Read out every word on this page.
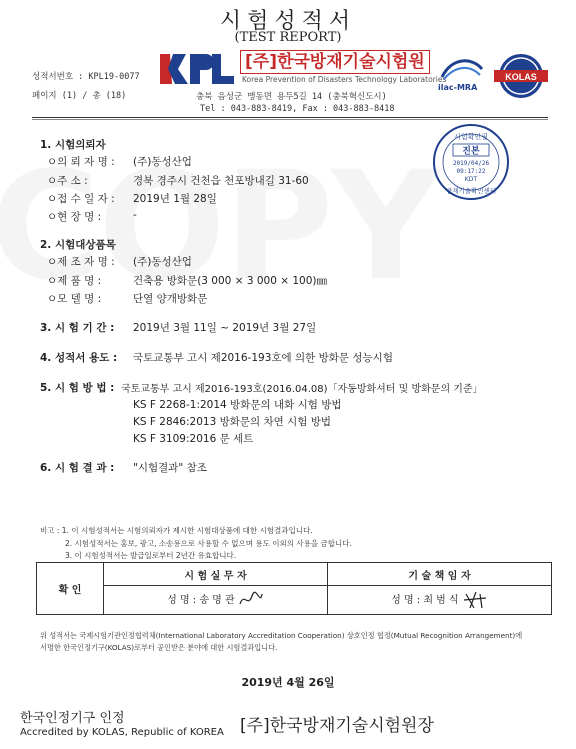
시험성적서
(TEST REPORT)
성적서번호 : KPL19-0077
페이지 (1) / 총 (18)
[주]한국방재기술시험원
Korea Prevention of Disasters Technology Laboratories
충북 음성군 맹동면 용두5길 14 (충북혁신도시)
Tel : 043-883-8419, Fax : 043-883-8418
ilac-MRA
KOLAS
시험확인필
진본
2019/04/26
09:17:22
KDT
방재기술확인센터
1. 시험의뢰자
ㅇ의 뢰 자 명 : (주)동성산업
ㅇ주 소 :	경북 경주시 건천읍 천포방내길 31-60
ㅇ접 수 일 자 : 2019년 1월 28일
ㅇ현 장 명 :	-
2. 시험대상품목
ㅇ제 조 자 명 : (주)동성산업
ㅇ제 품 명 :	건축용 방화문(3 000 × 3 000 × 100)㎜
ㅇ모 델 명 :	단열 양개방화문
3. 시 험 기 간 : 2019년 3월 11일 ~ 2019년 3월 27일
4. 성적서 용도 : 국토교통부 고시 제2016-193호에 의한 방화문 성능시험
5. 시 험 방 법 : 국토교통부 고시 제2016-193호(2016.04.08)「자동방화셔터 및 방화문의 기준」
KS F 2268-1:2014 방화문의 내화 시험 방법
KS F 2846:2013 방화문의 차연 시험 방법
KS F 3109:2016 문 세트
6. 시 험 결 과 : "시험결과" 참조
비고 : 1. 이 시험성적서는 시험의뢰자가 제시한 시험대상품에 대한 시험결과입니다.
2. 시험성적서는 홍보, 광고, 소송용으로 사용할 수 없으며 용도 이외의 사용을 금합니다.
3. 이 시험성적서는 발급일로부터 2년간 유효합니다.
확 인	시 험 실 무 자	기 술 책 임 자
	성 명 : 송 명 관	성 명 : 최 범 식
위 성적서는 국제시험기관인정협력체(International Laboratory Accreditation Cooperation) 상호인정 협정(Mutual Recognition Arrangement)에
서명한 한국인정기구(KOLAS)로부터 공인받은 분야에 대한 시험결과입니다.
2019년 4월 26일
한국인정기구 인정
Accredited by KOLAS, Republic of KOREA [주]한국방재기술시험원장
